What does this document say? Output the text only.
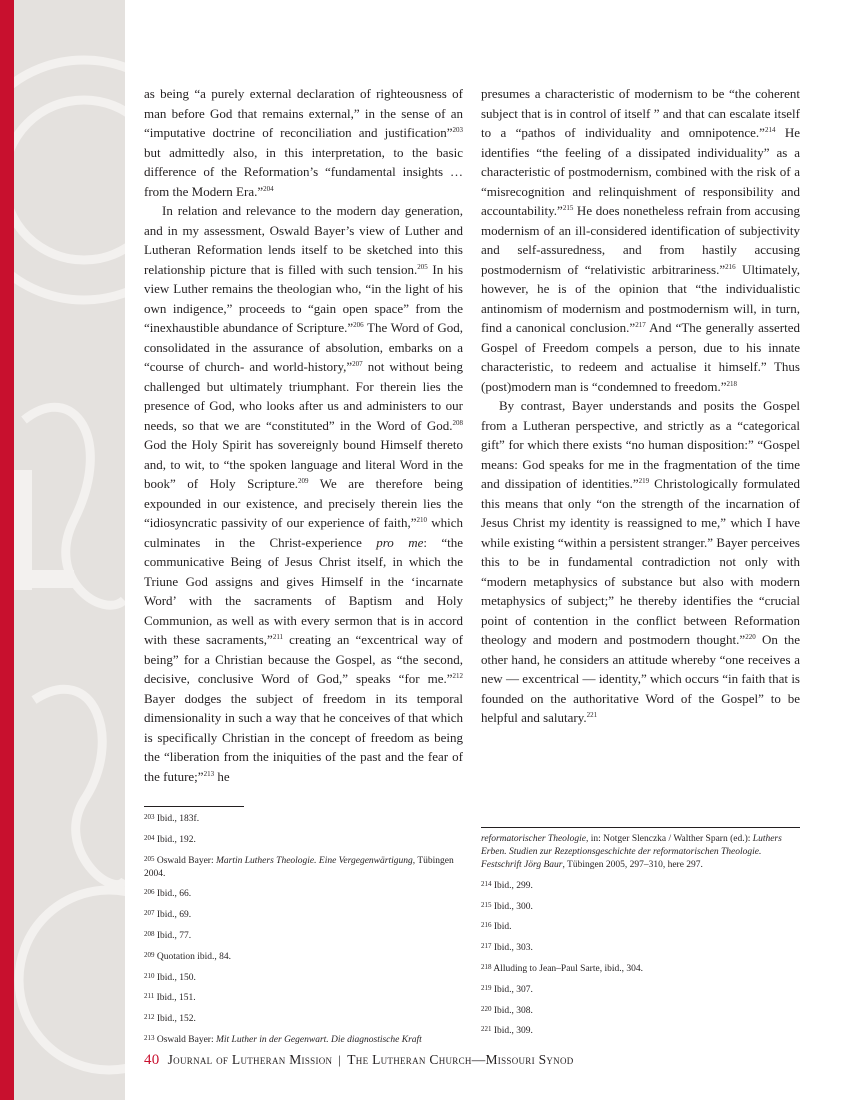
as being “a purely external declaration of righteousness of man before God that remains external,” in the sense of an “imputative doctrine of reconciliation and justification”$^{203}$ but admittedly also, in this interpretation, to the basic difference of the Reformation’s “fundamental insights … from the Modern Era.”$^{204}$

In relation and relevance to the modern day generation, and in my assessment, Oswald Bayer’s view of Luther and Lutheran Reformation lends itself to be sketched into this relationship picture that is filled with such tension.$^{205}$ In his view Luther remains the theologian who, “in the light of his own indigence,” proceeds to “gain open space” from the “inexhaustible abundance of Scripture.”$^{206}$ The Word of God, consolidated in the assurance of absolution, embarks on a “course of church- and world-history,”$^{207}$ not without being challenged but ultimately triumphant. For therein lies the presence of God, who looks after us and administers to our needs, so that we are “constituted” in the Word of God.$^{208}$ God the Holy Spirit has sovereignly bound Himself thereto and, to wit, to “the spoken language and literal Word in the book” of Holy Scripture.$^{209}$ We are therefore being expounded in our existence, and precisely therein lies the “idiosyncratic passivity of our experience of faith,”$^{210}$ which culminates in the Christ-experience pro me: “the communicative Being of Jesus Christ itself, in which the Triune God assigns and gives Himself in the ‘incarnate Word’ with the sacraments of Baptism and Holy Communion, as well as with every sermon that is in accord with these sacraments,”$^{211}$ creating an “excentrical way of being” for a Christian because the Gospel, as “the second, decisive, conclusive Word of God,” speaks “for me.”$^{212}$ Bayer dodges the subject of freedom in its temporal dimensionality in such a way that he conceives of that which is specifically Christian in the concept of freedom as being the “liberation from the iniquities of the past and the fear of the future;”$^{213}$ he

presumes a characteristic of modernism to be “the coherent subject that is in control of itself ” and that can escalate itself to a “pathos of individuality and omnipotence.”$^{214}$ He identifies “the feeling of a dissipated individuality” as a characteristic of postmodernism, combined with the risk of a “misrecognition and relinquishment of responsibility and accountability.”$^{215}$ He does nonetheless refrain from accusing modernism of an ill-considered identification of subjectivity and self-assuredness, and from hastily accusing postmodernism of “relativistic arbitrariness.”$^{216}$ Ultimately, however, he is of the opinion that “the individualistic antinomism of modernism and postmodernism will, in turn, find a canonical conclusion.”$^{217}$ And “The generally asserted Gospel of Freedom compels a person, due to his innate characteristic, to redeem and actualise it himself.” Thus (post)modern man is “condemned to freedom.”$^{218}$

By contrast, Bayer understands and posits the Gospel from a Lutheran perspective, and strictly as a “categorical gift” for which there exists “no human disposition:” “Gospel means: God speaks for me in the fragmentation of the time and dissipation of identities.”$^{219}$ Christologically formulated this means that only “on the strength of the incarnation of Jesus Christ my identity is reassigned to me,” which I have while existing “within a persistent stranger.” Bayer perceives this to be in fundamental contradiction not only with “modern metaphysics of substance but also with modern metaphysics of subject;” he thereby identifies the “crucial point of contention in the conflict between Reformation theology and modern and postmodern thought.”$^{220}$ On the other hand, he considers an attitude whereby “one receives a new — excentrical — identity,” which occurs “in faith that is founded on the authoritative Word of the Gospel” to be helpful and salutary.$^{221}$

$^{203}$ Ibid., 183f.

$^{204}$ Ibid., 192.

$^{205}$ Oswald Bayer: Martin Luthers Theologie. Eine Vergegenwärtigung, Tübingen 2004.

$^{206}$ Ibid., 66.

$^{207}$ Ibid., 69.

$^{208}$ Ibid., 77.

$^{209}$ Quotation ibid., 84.

$^{210}$ Ibid., 150.

$^{211}$ Ibid., 151.

$^{212}$ Ibid., 152.

$^{213}$ Oswald Bayer: Mit Luther in der Gegenwart. Die diagnostische Kraft

reformatorischer Theologie, in: Notger Slenczka / Walther Sparn (ed.): Luthers Erben. Studien zur Rezeptionsgeschichte der reformatorischen Theologie. Festschrift Jörg Baur, Tübingen 2005, 297–310, here 297.

$^{214}$ Ibid., 299.

$^{215}$ Ibid., 300.

$^{216}$ Ibid.

$^{217}$ Ibid., 303.

$^{218}$ Alluding to Jean–Paul Sarte, ibid., 304.

$^{219}$ Ibid., 307.

$^{220}$ Ibid., 308.

$^{221}$ Ibid., 309.

40 Journal of Lutheran Mission | The Lutheran Church—Missouri Synod
